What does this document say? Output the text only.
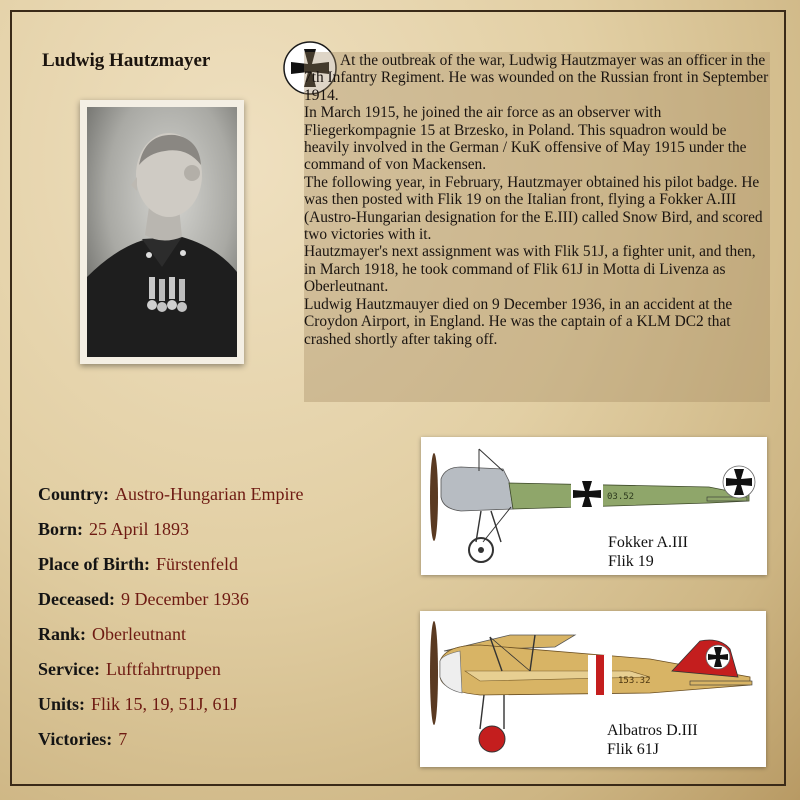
Ludwig Hautzmayer	At the outbreak of the war, Ludwig Hautzmayer was an officer in the 7th Infantry Regiment. He was wounded on the Russian front in September 1914.

In March 1915, he joined the air force as an observer with Fliegerkompagnie 15 at Brzesko, in Poland. This squadron would be heavily involved in the German / KuK offensive of May 1915 under the command of von Mackensen.

The following year, in February, Hautzmayer obtained his pilot badge. He was then posted with Flik 19 on the Italian front, flying a Fokker A.III (Austro-Hungarian designation for the E.III) called Snow Bird, and scored two victories with it.

Hautzmayer's next assignment was with Flik 51J, a fighter unit, and then, in March 1918, he took command of Flik 61J in Motta di Livenza as Oberleutnant.

Ludwig Hautzmauyer died on 9 December 1936, in an accident at the Croydon Airport, in England. He was the captain of a KLM DC2 that crashed shortly after taking off.

Country: Austro-Hungarian Empire
Born: 25 April 1893
Place of Birth: Fürstenfeld
Deceased: 9 December 1936
Rank: Oberleutnant
Service: Luftfahrtruppen
Units: Flik 15, 19, 51J, 61J
Victories: 7
03.52
Fokker A.III
Flik 19
153.32
Albatros D.III
Flik 61J
